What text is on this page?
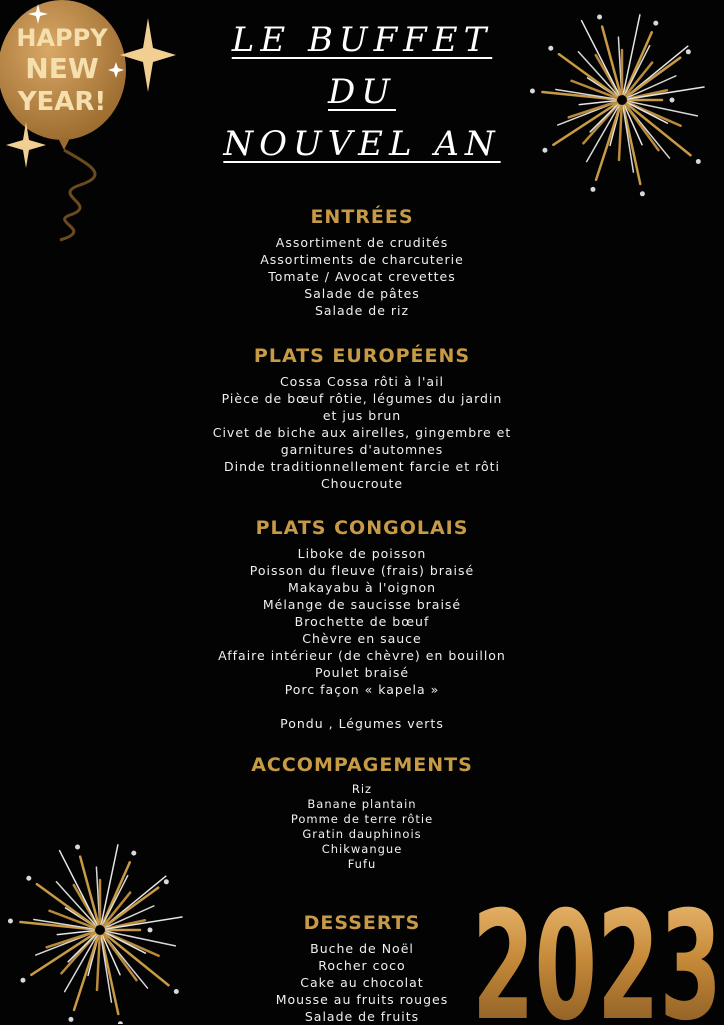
HAPPY
NEW
YEAR!
2023
LE BUFFET
DU
NOUVEL AN
ENTRÉES
Assortiment de crudités
Assortiments de charcuterie
Tomate / Avocat crevettes
Salade de pâtes
Salade de riz
PLATS EUROPÉENS
Cossa Cossa rôti à l'ail
Pièce de bœuf rôtie, légumes du jardin et jus brun
Civet de biche aux airelles, gingembre et garnitures d'automnes
Dinde traditionnellement farcie et rôti
Choucroute
PLATS CONGOLAIS
Liboke de poisson
Poisson du fleuve (frais) braisé
Makayabu à l'oignon
Mélange de saucisse braisé
Brochette de bœuf
Chèvre en sauce
Affaire intérieur (de chèvre) en bouillon
Poulet braisé
Porc façon « kapela »
Pondu , Légumes verts
ACCOMPAGEMENTS
Riz
Banane plantain
Pomme de terre rôtie
Gratin dauphinois
Chikwangue
Fufu
DESSERTS
Buche de Noël
Rocher coco
Cake au chocolat
Mousse au fruits rouges
Salade de fruits
